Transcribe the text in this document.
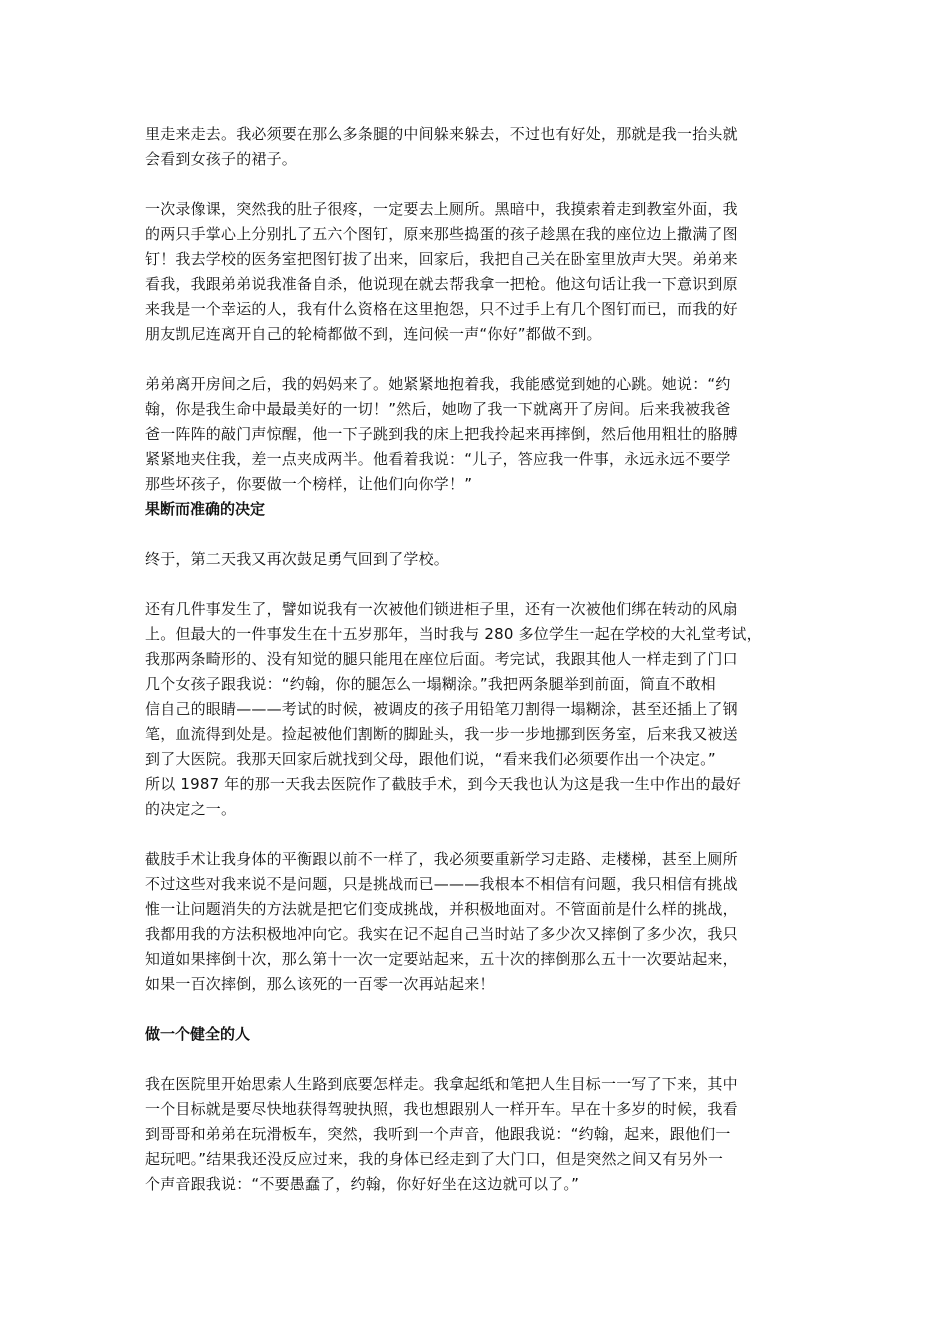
里走来走去。我必须要在那么多条腿的中间躲来躲去，不过也有好处，那就是我一抬头就
会看到女孩子的裙子。

一次录像课，突然我的肚子很疼，一定要去上厕所。黑暗中，我摸索着走到教室外面，我
的两只手掌心上分别扎了五六个图钉，原来那些捣蛋的孩子趁黑在我的座位边上撒满了图
钉！我去学校的医务室把图钉拔了出来，回家后，我把自己关在卧室里放声大哭。弟弟来
看我，我跟弟弟说我准备自杀，他说现在就去帮我拿一把枪。他这句话让我一下意识到原
来我是一个幸运的人，我有什么资格在这里抱怨，只不过手上有几个图钉而已，而我的好
朋友凯尼连离开自己的轮椅都做不到，连问候一声“你好”都做不到。

弟弟离开房间之后，我的妈妈来了。她紧紧地抱着我，我能感觉到她的心跳。她说：“约
翰，你是我生命中最最美好的一切！”然后，她吻了我一下就离开了房间。后来我被我爸
爸一阵阵的敲门声惊醒，他一下子跳到我的床上把我拎起来再摔倒，然后他用粗壮的胳膊
紧紧地夹住我，差一点夹成两半。他看着我说：“儿子，答应我一件事，永远永远不要学
那些坏孩子，你要做一个榜样，让他们向你学！”

果断而准确的决定

终于，第二天我又再次鼓足勇气回到了学校。

还有几件事发生了，譬如说我有一次被他们锁进柜子里，还有一次被他们绑在转动的风扇
上。但最大的一件事发生在十五岁那年，当时我与 280 多位学生一起在学校的大礼堂考试，
我那两条畸形的、没有知觉的腿只能甩在座位后面。考完试，我跟其他人一样走到了门口
几个女孩子跟我说：“约翰，你的腿怎么一塌糊涂。”我把两条腿举到前面，简直不敢相
信自己的眼睛———考试的时候，被调皮的孩子用铅笔刀割得一塌糊涂，甚至还插上了钢
笔，血流得到处是。捡起被他们割断的脚趾头，我一步一步地挪到医务室，后来我又被送
到了大医院。我那天回家后就找到父母，跟他们说，“看来我们必须要作出一个决定。”
所以 1987 年的那一天我去医院作了截肢手术，到今天我也认为这是我一生中作出的最好
的决定之一。

截肢手术让我身体的平衡跟以前不一样了，我必须要重新学习走路、走楼梯，甚至上厕所
不过这些对我来说不是问题，只是挑战而已———我根本不相信有问题，我只相信有挑战
惟一让问题消失的方法就是把它们变成挑战，并积极地面对。不管面前是什么样的挑战，
我都用我的方法积极地冲向它。我实在记不起自己当时站了多少次又摔倒了多少次，我只
知道如果摔倒十次，那么第十一次一定要站起来，五十次的摔倒那么五十一次要站起来，
如果一百次摔倒，那么该死的一百零一次再站起来！

做一个健全的人

我在医院里开始思索人生路到底要怎样走。我拿起纸和笔把人生目标一一写了下来，其中
一个目标就是要尽快地获得驾驶执照，我也想跟别人一样开车。早在十多岁的时候，我看
到哥哥和弟弟在玩滑板车，突然，我听到一个声音，他跟我说：“约翰，起来，跟他们一
起玩吧。”结果我还没反应过来，我的身体已经走到了大门口，但是突然之间又有另外一
个声音跟我说：“不要愚蠢了，约翰，你好好坐在这边就可以了。”
